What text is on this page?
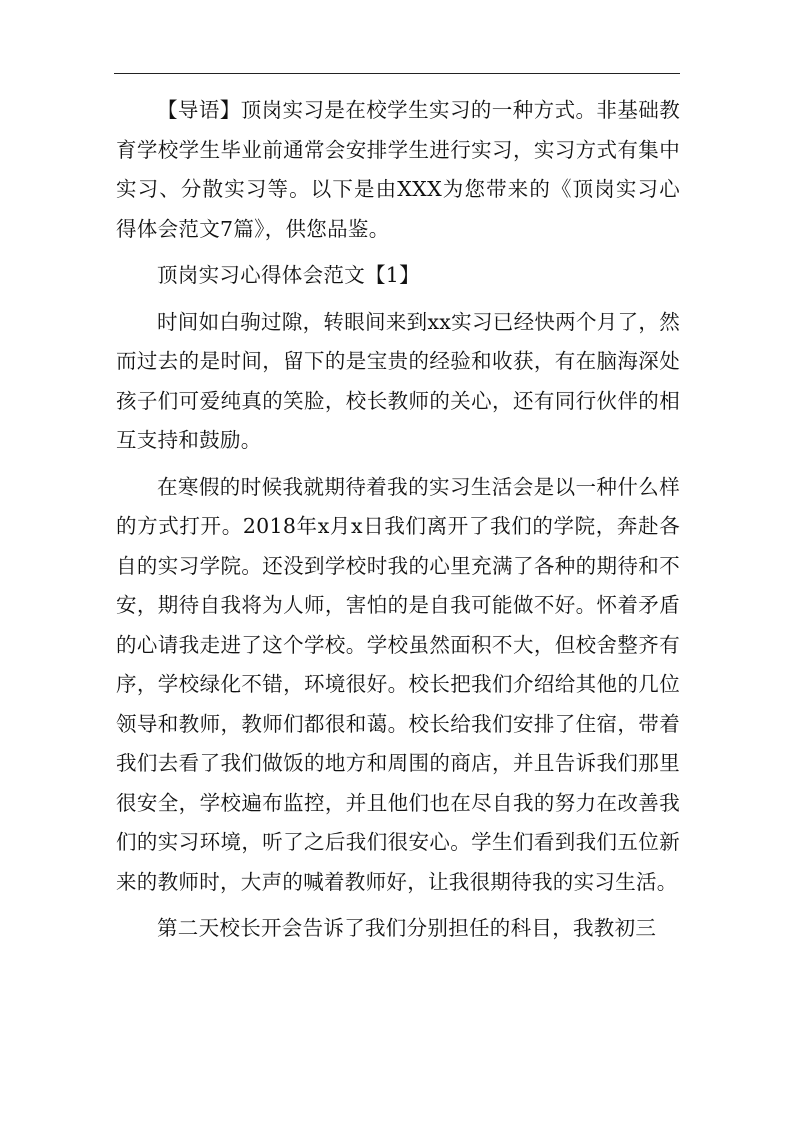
【导语】顶岗实习是在校学生实习的一种方式。非基础教育学校学生毕业前通常会安排学生进行实习，实习方式有集中实习、分散实习等。以下是由XXX为您带来的《顶岗实习心得体会范文7篇》，供您品鉴。

顶岗实习心得体会范文【1】

时间如白驹过隙，转眼间来到xx实习已经快两个月了，然而过去的是时间，留下的是宝贵的经验和收获，有在脑海深处孩子们可爱纯真的笑脸，校长教师的关心，还有同行伙伴的相互支持和鼓励。

在寒假的时候我就期待着我的实习生活会是以一种什么样的方式打开。2018年x月x日我们离开了我们的学院，奔赴各自的实习学院。还没到学校时我的心里充满了各种的期待和不安，期待自我将为人师，害怕的是自我可能做不好。怀着矛盾的心请我走进了这个学校。学校虽然面积不大，但校舍整齐有序，学校绿化不错，环境很好。校长把我们介绍给其他的几位领导和教师，教师们都很和蔼。校长给我们安排了住宿，带着我们去看了我们做饭的地方和周围的商店，并且告诉我们那里很安全，学校遍布监控，并且他们也在尽自我的努力在改善我们的实习环境，听了之后我们很安心。学生们看到我们五位新来的教师时，大声的喊着教师好，让我很期待我的实习生活。

第二天校长开会告诉了我们分别担任的科目，我教初三
